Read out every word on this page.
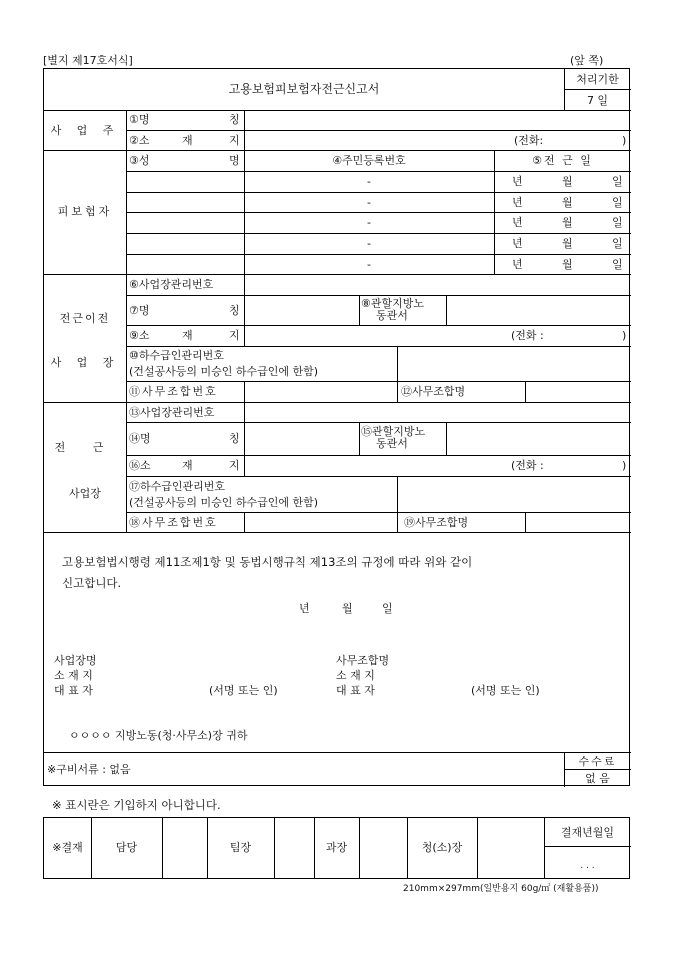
[별지 제17호서식]	(앞 쪽)
고용보험피보험자전근신고서
처리기한
7 일
사 업 주
①명	칭
②소	재	지	(전화:	)
피보험자
③성	명	④주민등록번호	⑤전 근 일
-	년	월	일
-	년	월	일
-	년	월	일
-	년	월	일
-	년	월	일
전근이전
사 업 장
⑥사업장관리번호
⑦명	칭
⑧관할지방노
동관서
⑨소	재	지	(전화 :	)
⑩하수급인관리번호
(건설공사등의 미승인 하수급인에 한함)
⑪사무조합번호	⑫사무조합명
전 근
사업장
⑬사업장관리번호
⑭명	칭
⑮관할지방노
동관서
⑯소	재	지	(전화 :	)
⑰하수급인관리번호
(건설공사등의 미승인 하수급인에 한함)
⑱사무조합번호	⑲사무조합명
고용보험법시행령 제11조제1항 및 동법시행규칙 제13조의 규정에 따라 위와 같이
신고합니다.
년	월	일
사업장명
소 재 지
대 표 자	(서명 또는 인)
사무조합명
소 재 지
대 표 자	(서명 또는 인)
ㅇㅇㅇㅇ 지방노동(청·사무소)장 귀하
※구비서류 : 없음
수수료
없 음
※ 표시란은 기입하지 아니합니다.
※결재	담당	팀장	과장	청(소)장
결재년월일
. . .
210mm×297mm(일반용지 60g/㎡ (재활용품))
